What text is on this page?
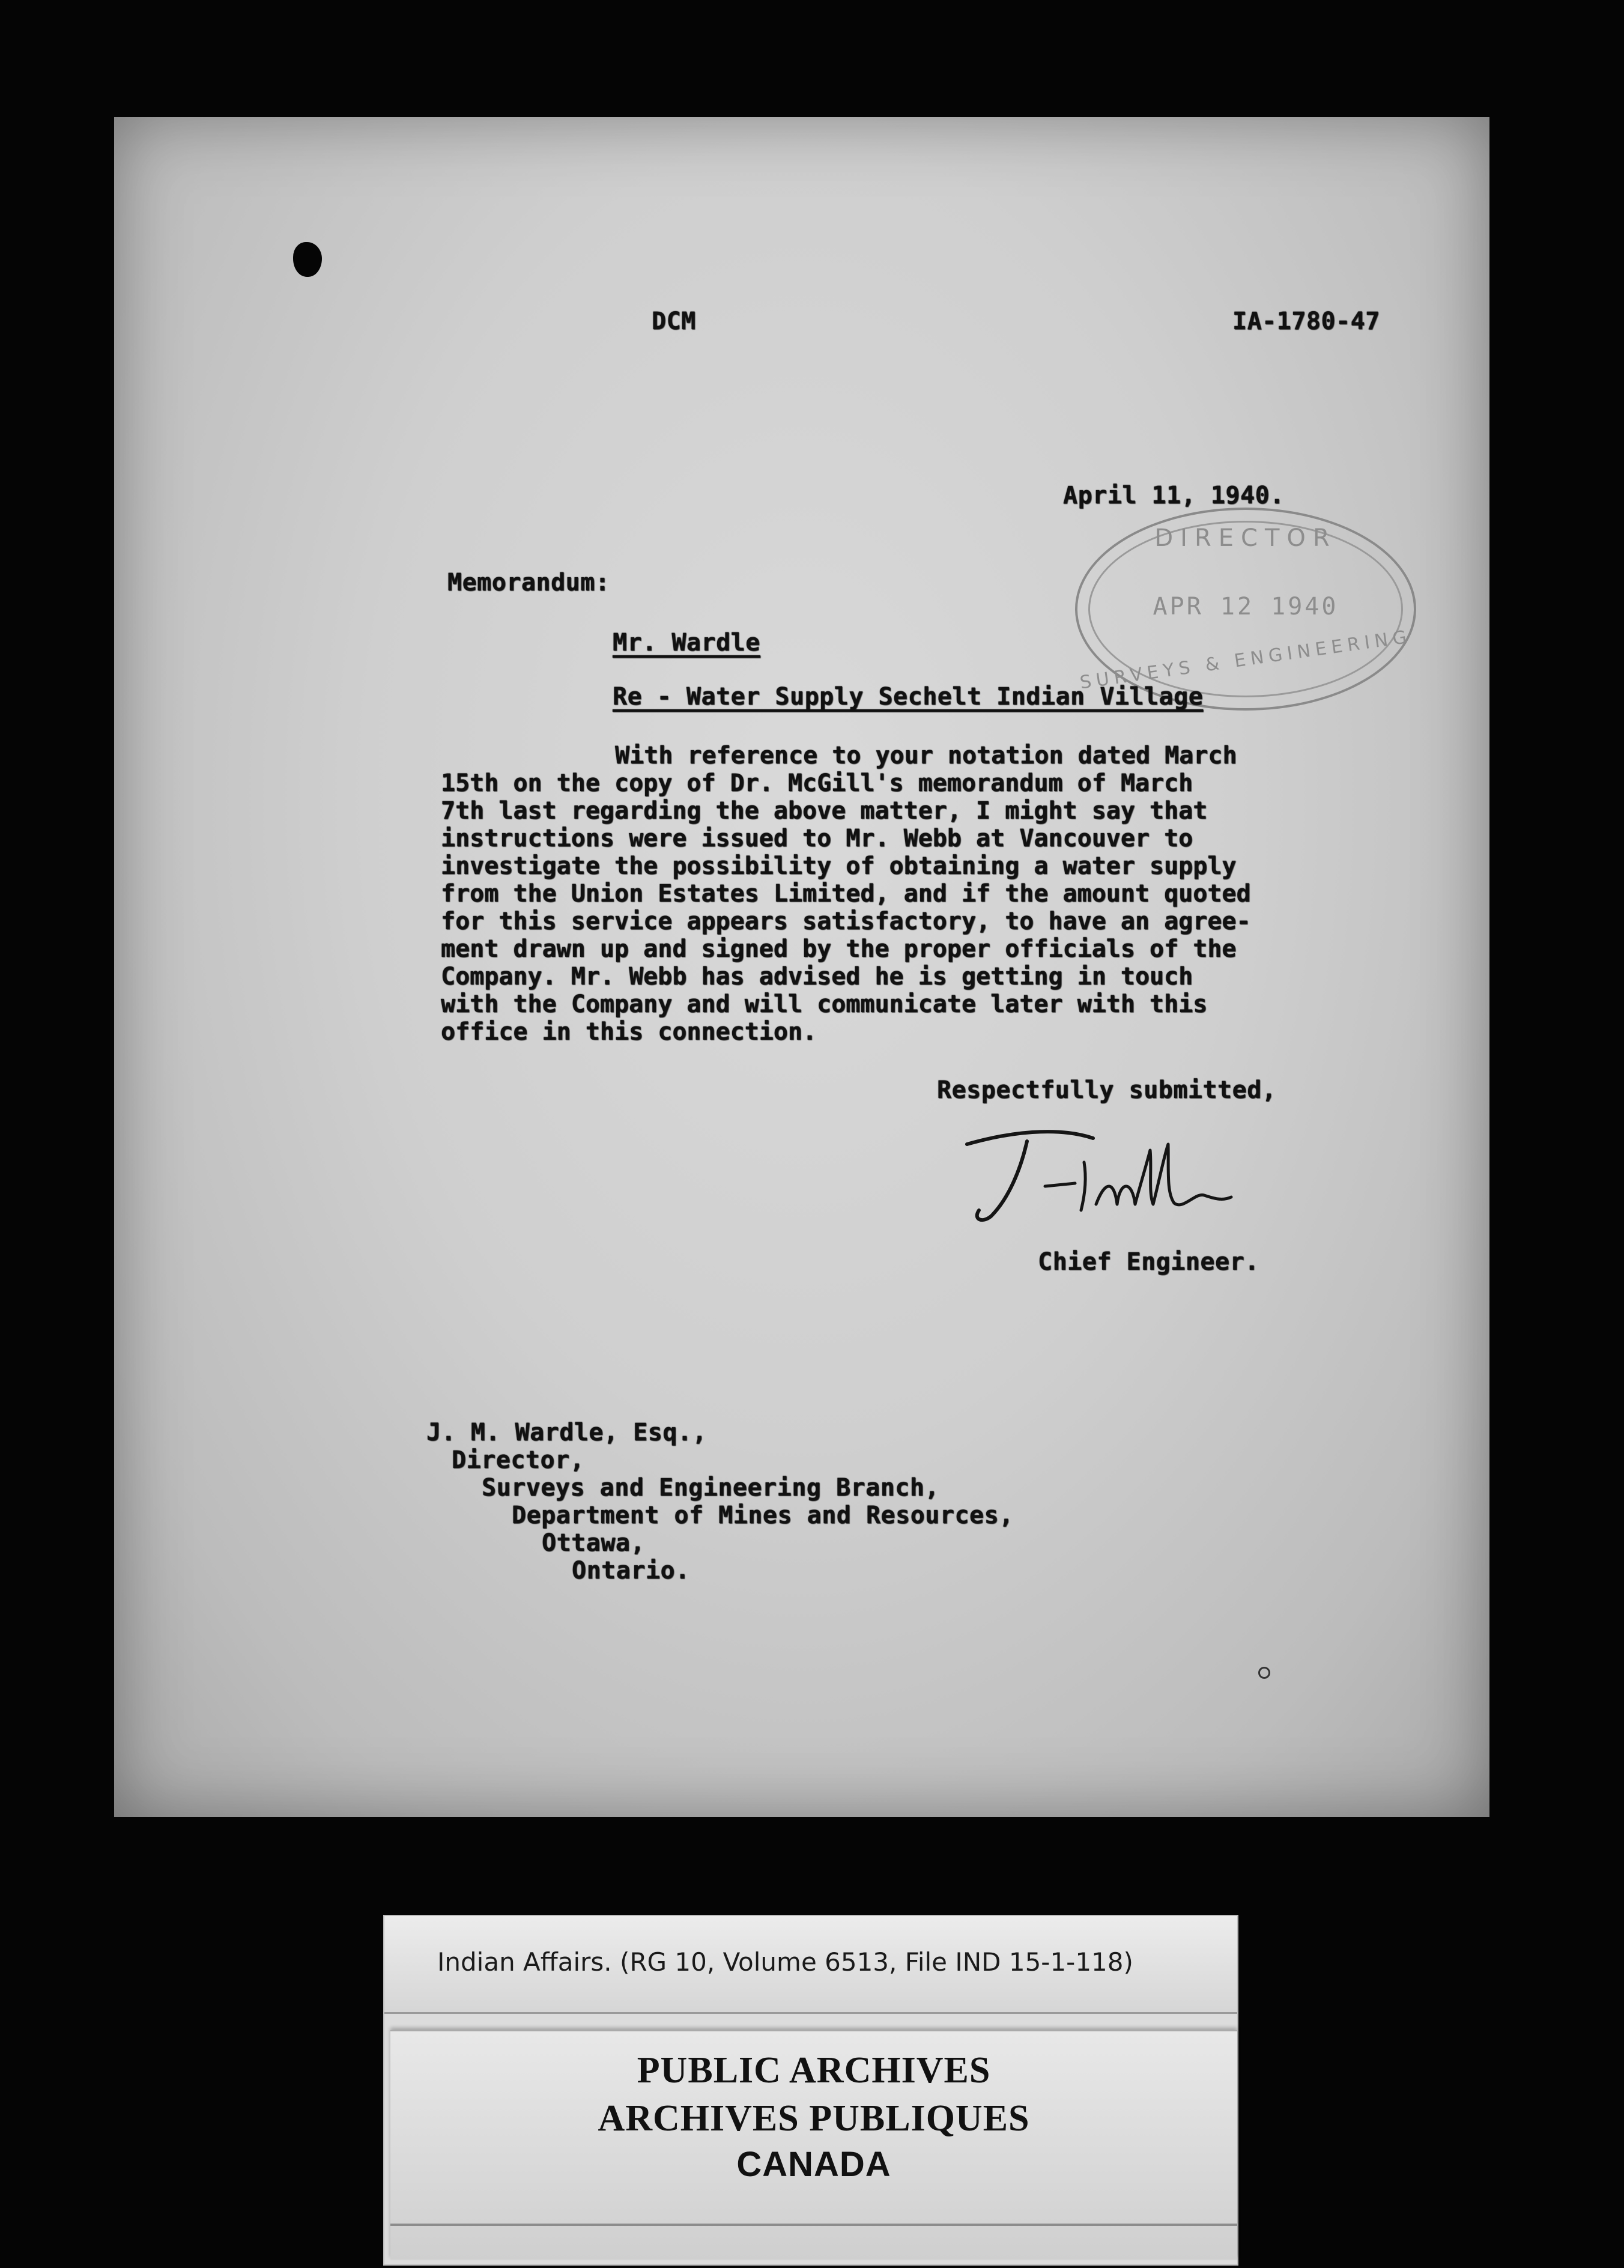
DCM	IA-1780-47
April 11, 1940.
DIRECTOR
APR 12 1940
SURVEYS & ENGINEERING
Memorandum:
Mr. Wardle
Re - Water Supply Sechelt Indian Village
With reference to your notation dated March
15th on the copy of Dr. McGill's memorandum of March
7th last regarding the above matter, I might say that
instructions were issued to Mr. Webb at Vancouver to
investigate the possibility of obtaining a water supply
from the Union Estates Limited, and if the amount quoted
for this service appears satisfactory, to have an agree-
ment drawn up and signed by the proper officials of the
Company. Mr. Webb has advised he is getting in touch
with the Company and will communicate later with this
office in this connection.
Respectfully submitted,
Chief Engineer.
J. M. Wardle, Esq.,
Director,
Surveys and Engineering Branch,
Department of Mines and Resources,
Ottawa,
Ontario.
Indian Affairs. (RG 10, Volume 6513, File IND 15-1-118)
PUBLIC ARCHIVES
ARCHIVES PUBLIQUES
CANADA
